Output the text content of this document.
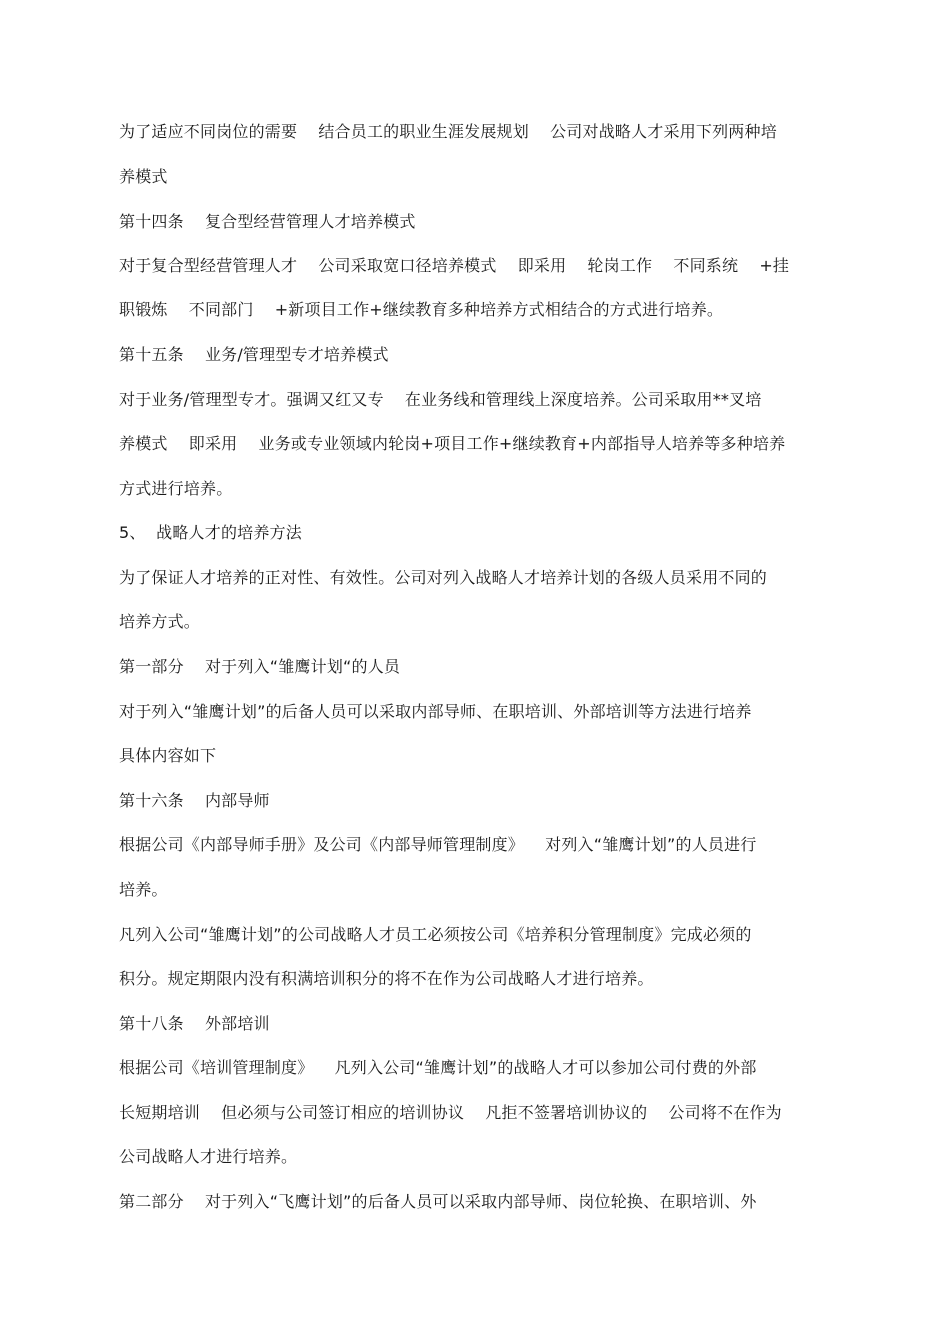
为了适应不同岗位的需要    结合员工的职业生涯发展规划    公司对战略人才采用下列两种培
养模式
第十四条    复合型经营管理人才培养模式
对于复合型经营管理人才    公司采取宽口径培养模式    即采用    轮岗工作    不同系统    +挂
职锻炼    不同部门    +新项目工作+继续教育多种培养方式相结合的方式进行培养。
第十五条    业务/管理型专才培养模式
对于业务/管理型专才。强调又红又专    在业务线和管理线上深度培养。公司采取用**叉培
养模式    即采用    业务或专业领域内轮岗+项目工作+继续教育+内部指导人培养等多种培养
方式进行培养。
5、  战略人才的培养方法
为了保证人才培养的正对性、有效性。公司对列入战略人才培养计划的各级人员采用不同的
培养方式。
第一部分    对于列入“雏鹰计划“的人员
对于列入“雏鹰计划”的后备人员可以采取内部导师、在职培训、外部培训等方法进行培养
具体内容如下
第十六条    内部导师
根据公司《内部导师手册》及公司《内部导师管理制度》    对列入“雏鹰计划”的人员进行
培养。
凡列入公司“雏鹰计划”的公司战略人才员工必须按公司《培养积分管理制度》完成必须的
积分。规定期限内没有积满培训积分的将不在作为公司战略人才进行培养。
第十八条    外部培训
根据公司《培训管理制度》    凡列入公司“雏鹰计划”的战略人才可以参加公司付费的外部
长短期培训    但必须与公司签订相应的培训协议    凡拒不签署培训协议的    公司将不在作为
公司战略人才进行培养。
第二部分    对于列入“飞鹰计划”的后备人员可以采取内部导师、岗位轮换、在职培训、外
